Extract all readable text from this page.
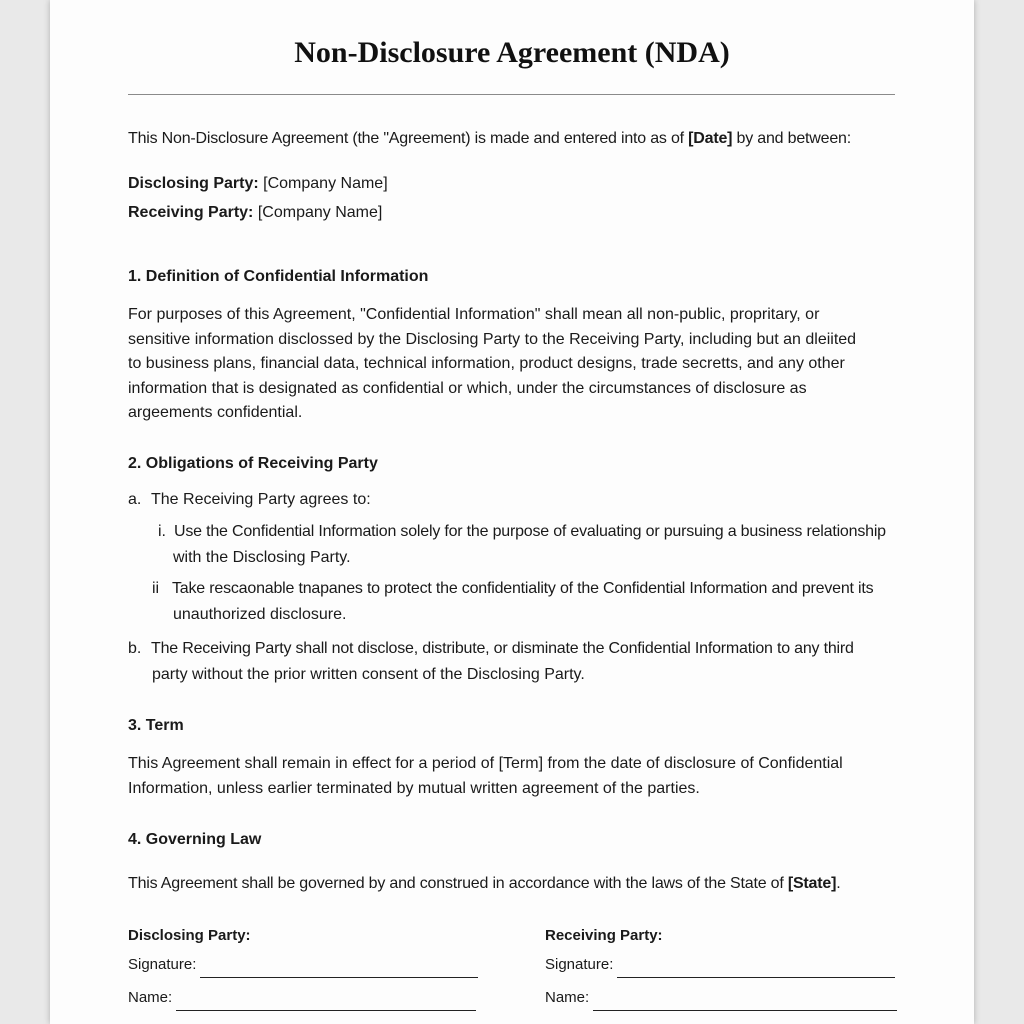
Non-Disclosure Agreement (NDA)
This Non-Disclosure Agreement (the "Agreement) is made and entered into as of [Date] by and between:
Disclosing Party: [Company Name]
Receiving Party: [Company Name]
1. Definition of Confidential Information
For purposes of this Agreement, "Confidential Information" shall mean all non-public, propritary, or
sensitive information disclossed by the Disclosing Party to the Receiving Party, including but an dleiited
to business plans, financial data, technical information, product designs, trade secretts, and any other
information that is designated as confidential or which, under the circumstances of disclosure as
argeements confidential.
2. Obligations of Receiving Party
a. The Receiving Party agrees to:
i. Use the Confidential Information solely for the purpose of evaluating or pursuing a business relationship
with the Disclosing Party.
ii Take rescaonable tnapanes to protect the confidentiality of the Confidential Information and prevent its
unauthorized disclosure.
b. The Receiving Party shall not disclose, distribute, or disminate the Confidential Information to any third
party without the prior written consent of the Disclosing Party.
3. Term
This Agreement shall remain in effect for a period of [Term] from the date of disclosure of Confidential
Information, unless earlier terminated by mutual written agreement of the parties.
4. Governing Law
This Agreement shall be governed by and construed in accordance with the laws of the State of [State].
Disclosing Party:
Signature:
Name:
Receiving Party:
Signature:
Name:
